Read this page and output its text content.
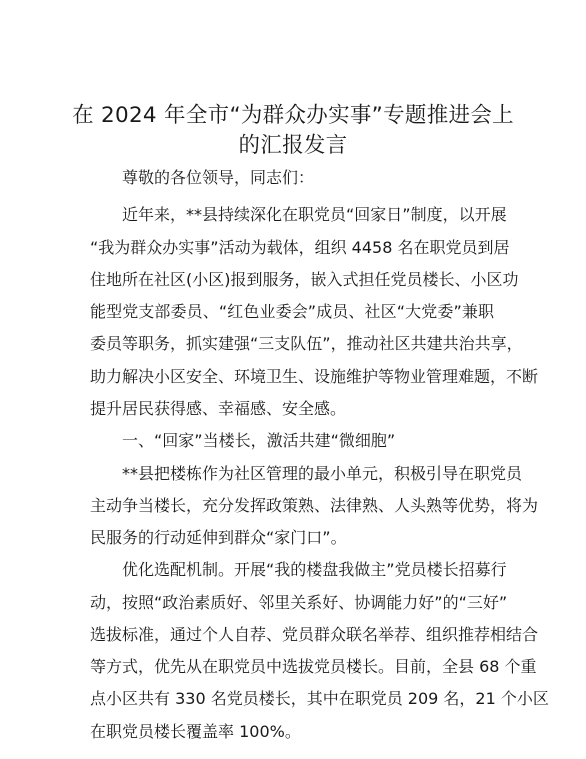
在 2024 年全市“为群众办实事”专题推进会上
的汇报发言
尊敬的各位领导，同志们：
近年来，**县持续深化在职党员“回家日”制度，以开展
“我为群众办实事”活动为载体，组织 4458 名在职党员到居
住地所在社区(小区)报到服务，嵌入式担任党员楼长、小区功
能型党支部委员、“红色业委会”成员、社区“大党委”兼职
委员等职务，抓实建强“三支队伍”，推动社区共建共治共享，
助力解决小区安全、环境卫生、设施维护等物业管理难题，不断
提升居民获得感、幸福感、安全感。
一、“回家”当楼长，激活共建“微细胞”
**县把楼栋作为社区管理的最小单元，积极引导在职党员
主动争当楼长，充分发挥政策熟、法律熟、人头熟等优势，将为
民服务的行动延伸到群众“家门口”。
优化选配机制。开展“我的楼盘我做主”党员楼长招募行
动，按照“政治素质好、邻里关系好、协调能力好”的“三好”
选拔标准，通过个人自荐、党员群众联名举荐、组织推荐相结合
等方式，优先从在职党员中选拔党员楼长。目前，全县 68 个重
点小区共有 330 名党员楼长，其中在职党员 209 名，21 个小区
在职党员楼长覆盖率 100%。
